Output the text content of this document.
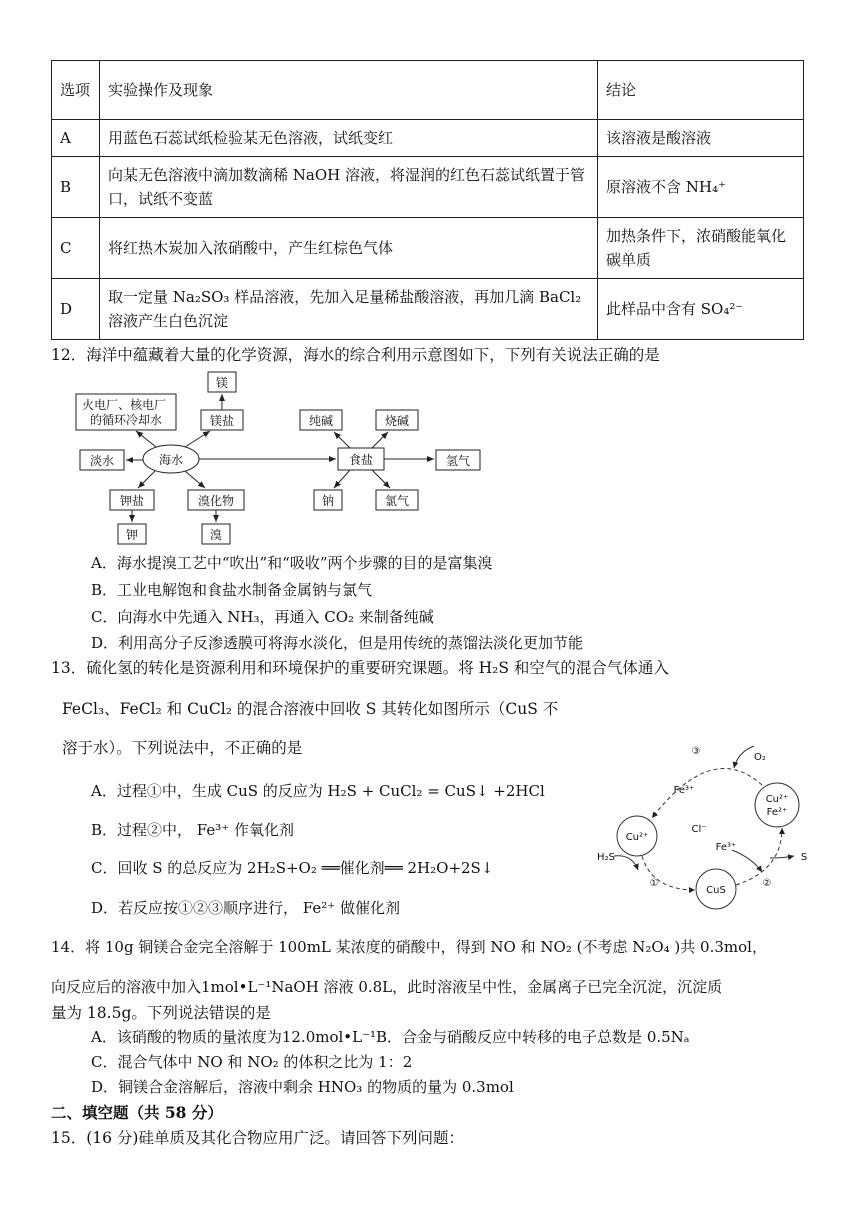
选项	实验操作及现象	结论
A	用蓝色石蕊试纸检验某无色溶液，试纸变红	该溶液是酸溶液
B	向某无色溶液中滴加数滴稀 NaOH 溶液，将湿润的红色石蕊试纸置于管口，试纸不变蓝	原溶液不含 NH₄⁺
C	将红热木炭加入浓硝酸中，产生红棕色气体	加热条件下，浓硝酸能氧化碳单质
D	取一定量 Na₂SO₃ 样品溶液，先加入足量稀盐酸溶液，再加几滴 BaCl₂ 溶液产生白色沉淀	此样品中含有 SO₄²⁻
12．海洋中蕴藏着大量的化学资源，海水的综合利用示意图如下，下列有关说法正确的是
镁
火电厂、核电厂 的循环冷却水	镁盐	纯碱	烧碱
淡水	海水	食盐	氢气
钾盐	溴化物	钠	氯气
钾	溴
A．海水提溴工艺中“吹出”和“吸收”两个步骤的目的是富集溴
B．工业电解饱和食盐水制备金属钠与氯气
C．向海水中先通入 NH₃，再通入 CO₂ 来制备纯碱
D．利用高分子反渗透膜可将海水淡化，但是用传统的蒸馏法淡化更加节能
13．硫化氢的转化是资源利用和环境保护的重要研究课题。将 H₂S 和空气的混合气体通入
FeCl₃、FeCl₂ 和 CuCl₂ 的混合溶液中回收 S 其转化如图所示（CuS 不
溶于水）。下列说法中，不正确的是
A．过程①中，生成 CuS 的反应为 H₂S + CuCl₂ = CuS↓ +2HCl
B．过程②中， Fe³⁺ 作氧化剂
C．回收 S 的总反应为 2H₂S+O₂ ══催化剂══ 2H₂O+2S↓
D．若反应按①②③顺序进行， Fe²⁺ 做催化剂
O₂
③
Fe³⁺
Cu²⁺
Cl⁻
Cu²⁺
Fe²⁺
H₂S
Fe³⁺
S
①
CuS
②
14．将 10g 铜镁合金完全溶解于 100mL 某浓度的硝酸中，得到 NO 和 NO₂ (不考虑 N₂O₄ )共 0.3mol，
向反应后的溶液中加入1mol•L⁻¹NaOH 溶液 0.8L，此时溶液呈中性，金属离子已完全沉淀，沉淀质
量为 18.5g。下列说法错误的是
A．该硝酸的物质的量浓度为12.0mol•L⁻¹B．合金与硝酸反应中转移的电子总数是 0.5Nₐ
C．混合气体中 NO 和 NO₂ 的体积之比为 1：2
D．铜镁合金溶解后，溶液中剩余 HNO₃ 的物质的量为 0.3mol
二、填空题（共 58 分）
15．(16 分)硅单质及其化合物应用广泛。请回答下列问题：
